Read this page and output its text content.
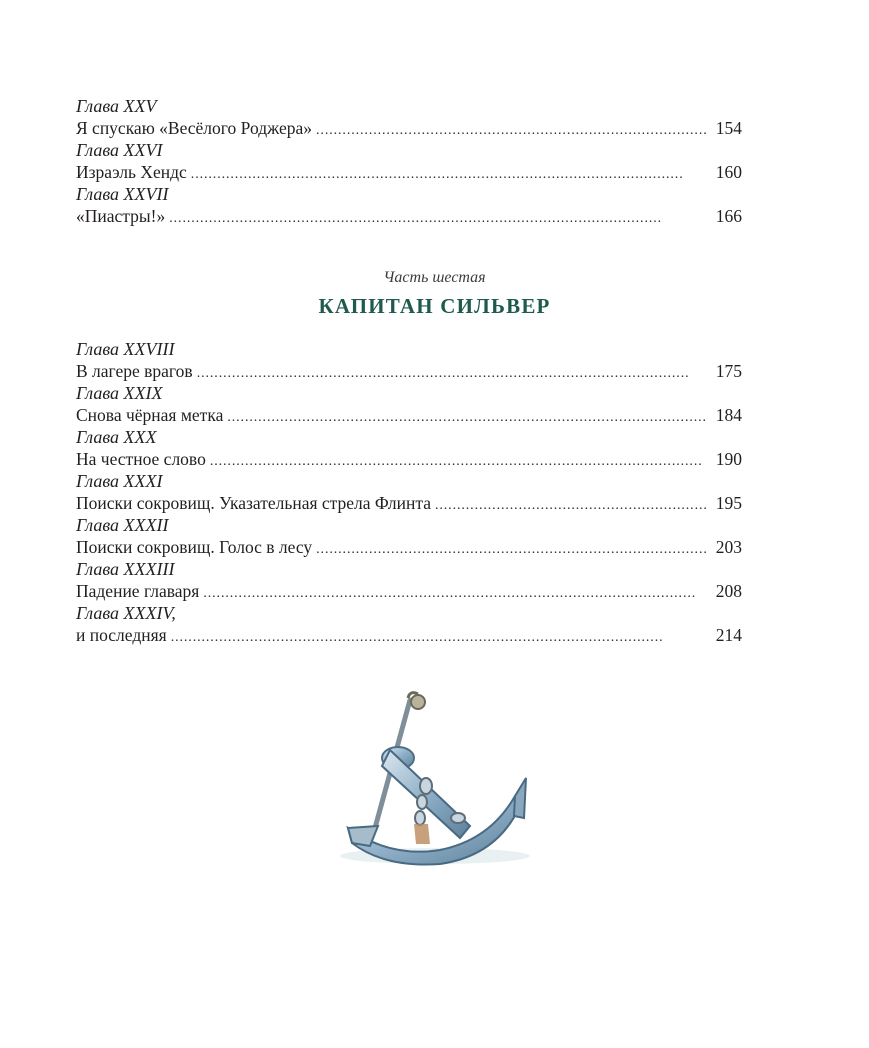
Глава XXV
Я спускаю «Весёлого Роджера» . . .	154
Глава XXVI
Израэль Хендс . . .	160
Глава XXVII
«Пиастры!» . . .	166
Часть шестая
КАПИТАН СИЛЬВЕР
Глава XXVIII
В лагере врагов . . .	175
Глава XXIX
Снова чёрная метка . . .	184
Глава XXX
На честное слово . . .	190
Глава XXXI
Поиски сокровищ. Указательная стрела Флинта . . .	195
Глава XXXII
Поиски сокровищ. Голос в лесу . . .	203
Глава XXXIII
Падение главаря . . .	208
Глава XXXIV,
и последняя . . .	214
